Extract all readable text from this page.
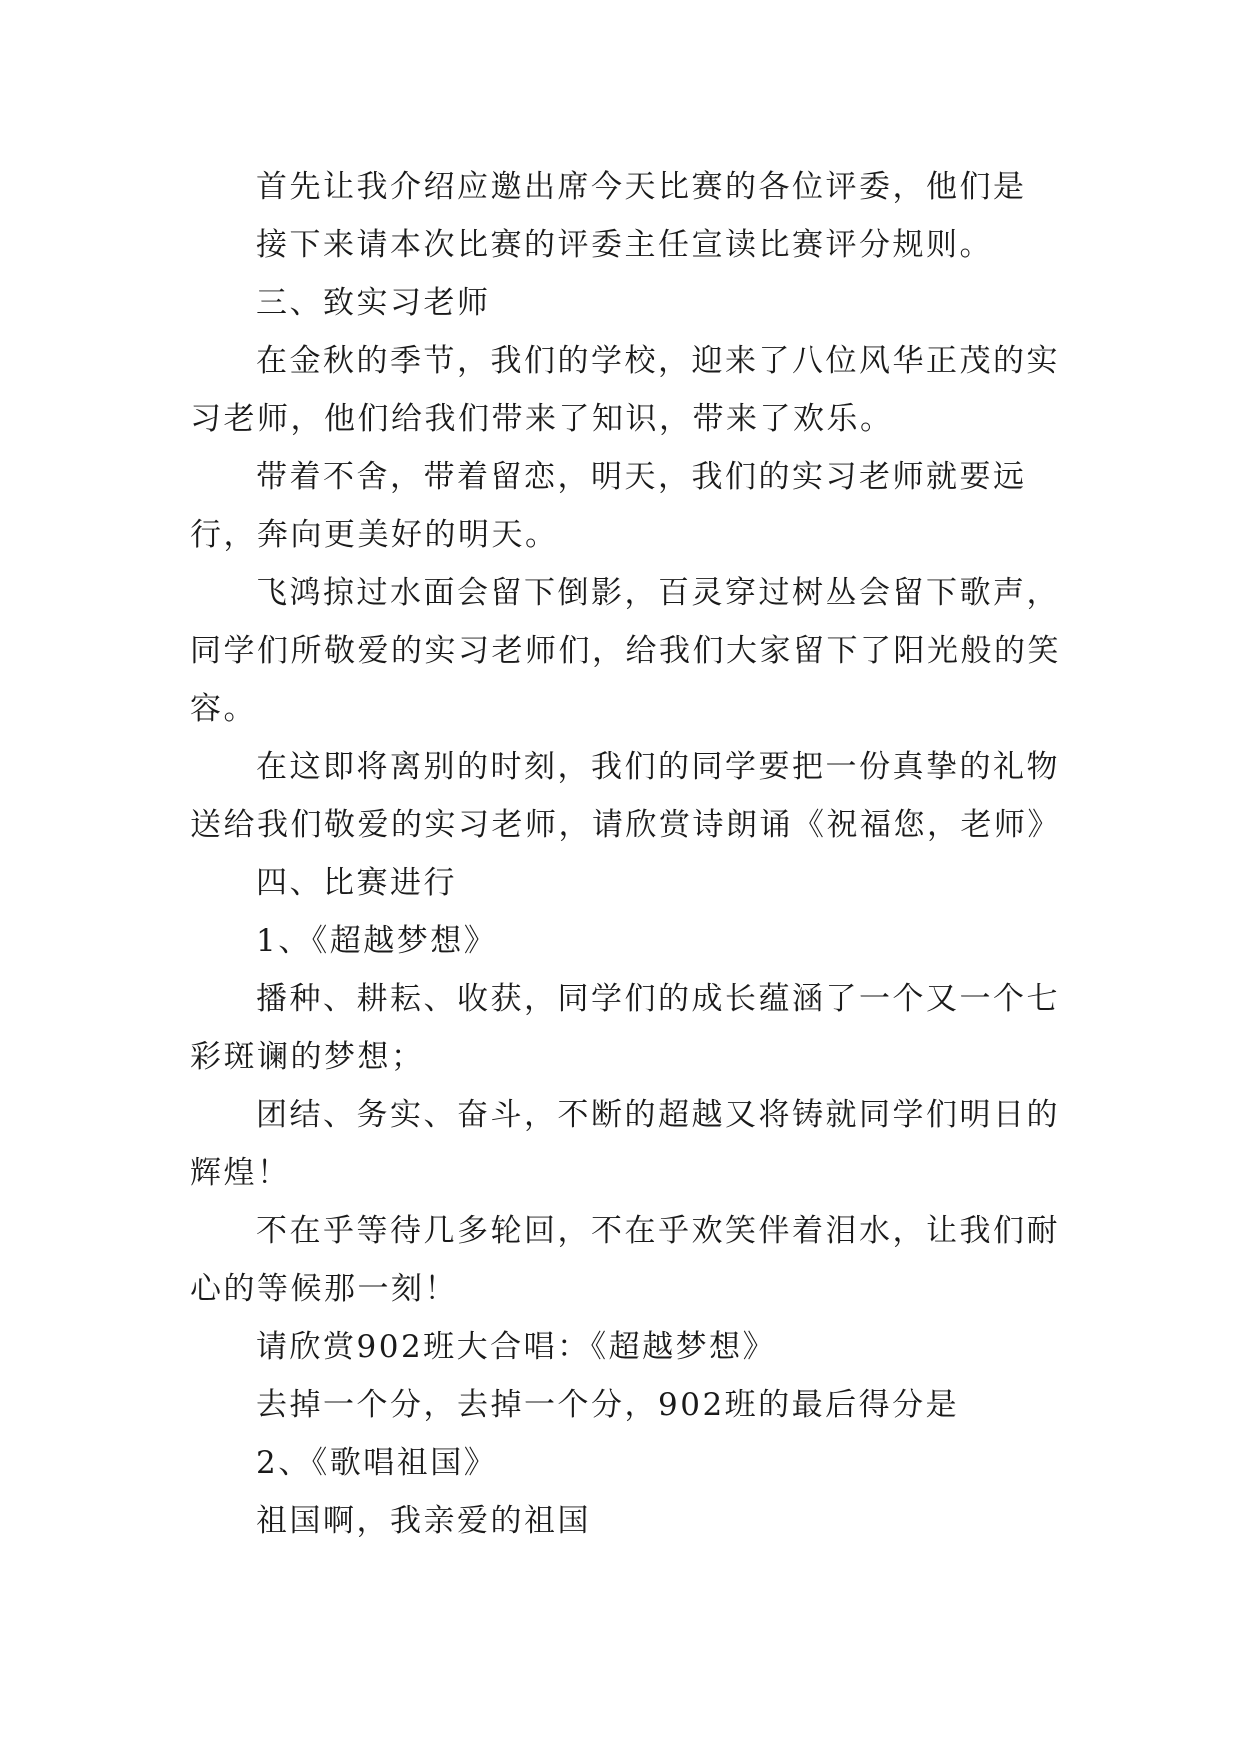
首先让我介绍应邀出席今天比赛的各位评委，他们是

接下来请本次比赛的评委主任宣读比赛评分规则。

三、致实习老师

在金秋的季节，我们的学校，迎来了八位风华正茂的实习老师，他们给我们带来了知识，带来了欢乐。

带着不舍，带着留恋，明天，我们的实习老师就要远行，奔向更美好的明天。

飞鸿掠过水面会留下倒影，百灵穿过树丛会留下歌声，同学们所敬爱的实习老师们，给我们大家留下了阳光般的笑容。

在这即将离别的时刻，我们的同学要把一份真挚的礼物送给我们敬爱的实习老师，请欣赏诗朗诵《祝福您，老师》

四、比赛进行

1、《超越梦想》

播种、耕耘、收获，同学们的成长蕴涵了一个又一个七彩斑谰的梦想；

团结、务实、奋斗，不断的超越又将铸就同学们明日的辉煌！

不在乎等待几多轮回，不在乎欢笑伴着泪水，让我们耐心的等候那一刻！

请欣赏902班大合唱：《超越梦想》

去掉一个分，去掉一个分，902班的最后得分是

2、《歌唱祖国》

祖国啊，我亲爱的祖国
